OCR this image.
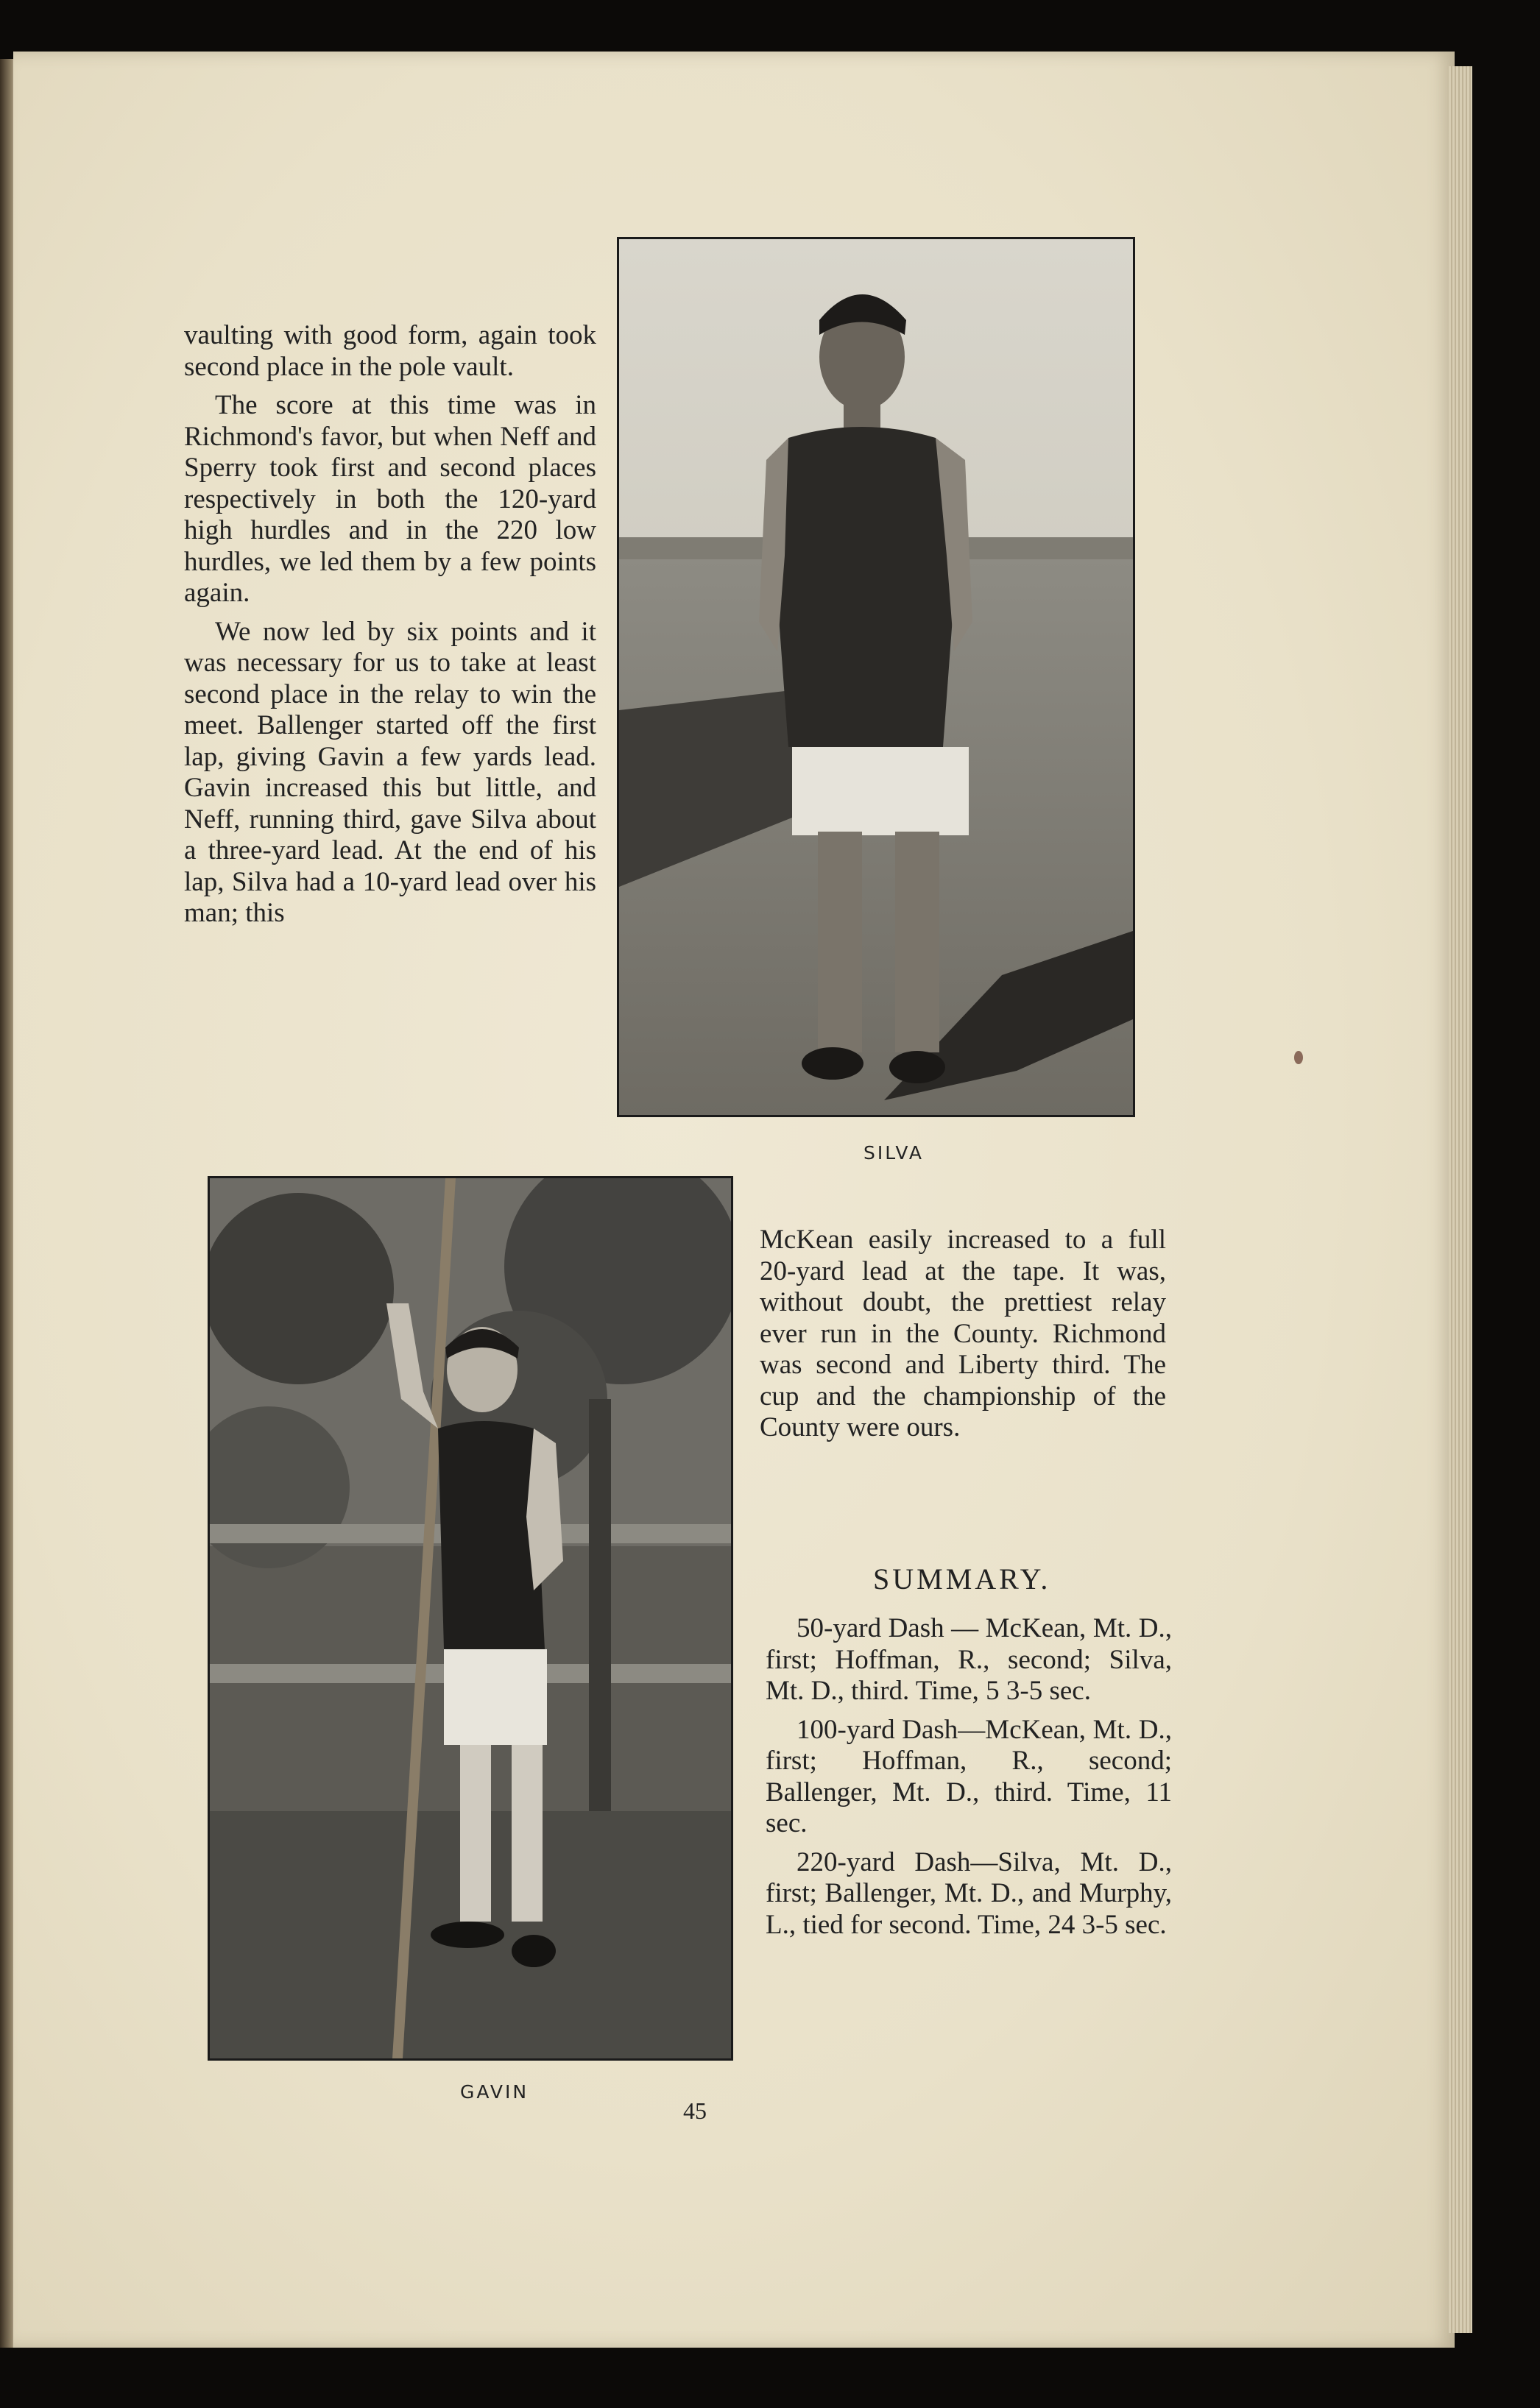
vaulting with good form, again took second place in the pole vault.

The score at this time was in Richmond's favor, but when Neff and Sperry took first and second places respectively in both the 120-yard high hurdles and in the 220 low hurdles, we led them by a few points again.

We now led by six points and it was necessary for us to take at least second place in the relay to win the meet. Ballenger started off the first lap, giving Gavin a few yards lead. Gavin increased this but little, and Neff, running third, gave Silva about a three-yard lead. At the end of his lap, Silva had a 10-yard lead over his man; this

SILVA
GAVIN

McKean easily increased to a full 20-yard lead at the tape. It was, without doubt, the prettiest relay ever run in the County. Richmond was second and Liberty third. The cup and the championship of the County were ours.

SUMMARY.

50-yard Dash — McKean, Mt. D., first; Hoffman, R., second; Silva, Mt. D., third. Time, 5 3-5 sec.

100-yard Dash—McKean, Mt. D., first; Hoffman, R., second; Ballenger, Mt. D., third. Time, 11 sec.

220-yard Dash—Silva, Mt. D., first; Ballenger, Mt. D., and Murphy, L., tied for second. Time, 24 3-5 sec.

45
